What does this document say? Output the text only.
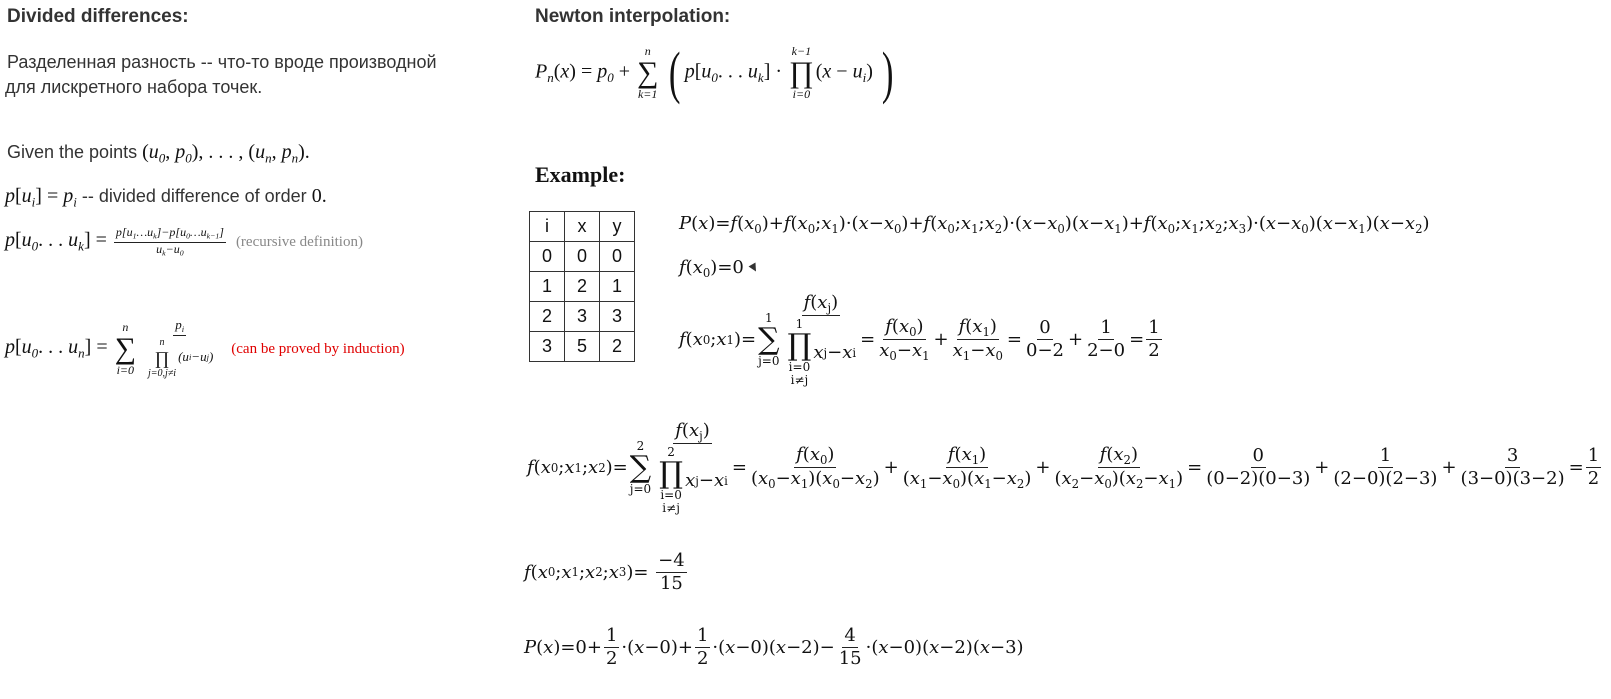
Divided differences:
Разделенная разность -- что-то вроде производной
для лискретного набора точек.
Given the points ($u_0$, $p_0$), . . . , ($u_n$, $p_n$).
$p[u_i] = p_i$ -- divided difference of order 0.
$p[u_0$. . . $u_k] = \frac{p[u_1\dots u_k]-p[u_0\dots u_{k-1}]}{u_k-u_0}$ (recursive definition)
$p[u_0$. . . $u_n$] =
n
∑
i=0
$p_i$
n
∏
j=0,j≠i
(u i −u j ) (can be proved by induction)
Newton interpolation:
$P_n(x) = p_0$ +
n
∑
k=1 ( $p[u_0$. . . $u_k$] ·
k−1
∏
i=0
$(x - u_i)$ )
Example:
i	x	y
0	0	0
1	2	1
2	3	3
3	5	2
$P(x)=f(x_0)+f(x_0;x_1)\cdot(x-x_0)+f(x_0;x_1;x_2)\cdot(x-x_0)(x-x_1)+f(x_0;x_1;x_2;x_3)\cdot(x-x_0)(x-x_1)(x-x_2)$
$f(x_0)=0$
f ( x 0 ; x 1 )=
1
∑
j=0
$f(x_j)$
1
∏
i=0
i≠j
x j − x i
=
$f(x_0)$
$x_0-x_1$
+
$f(x_1)$
$x_1-x_0$
=
0
0−2
+
1
2−0
=
1
2
f ( x 0 ; x 1 ; x 2 )=
2
∑
j=0
$f(x_j)$
2
∏
i=0
i≠j
x j − x i
=
$f(x_0)$
$(x_0-x_1)(x_0-x_2)$
+
$f(x_1)$
$(x_1-x_0)(x_1-x_2)$
+
$f(x_2)$
$(x_2-x_0)(x_2-x_1)$
=
0
(0−2)(0−3)
+
1
(2−0)(2−3)
+
3
(3−0)(3−2)
=
1
2
f ( x 0 ; x 1 ; x 2 ; x 3 )=
−4
15
P ( x )=0+
1
2
·( x −0)+
1
2
·( x −0)( x −2)−
4
15
·( x −0)( x −2)( x −3)
